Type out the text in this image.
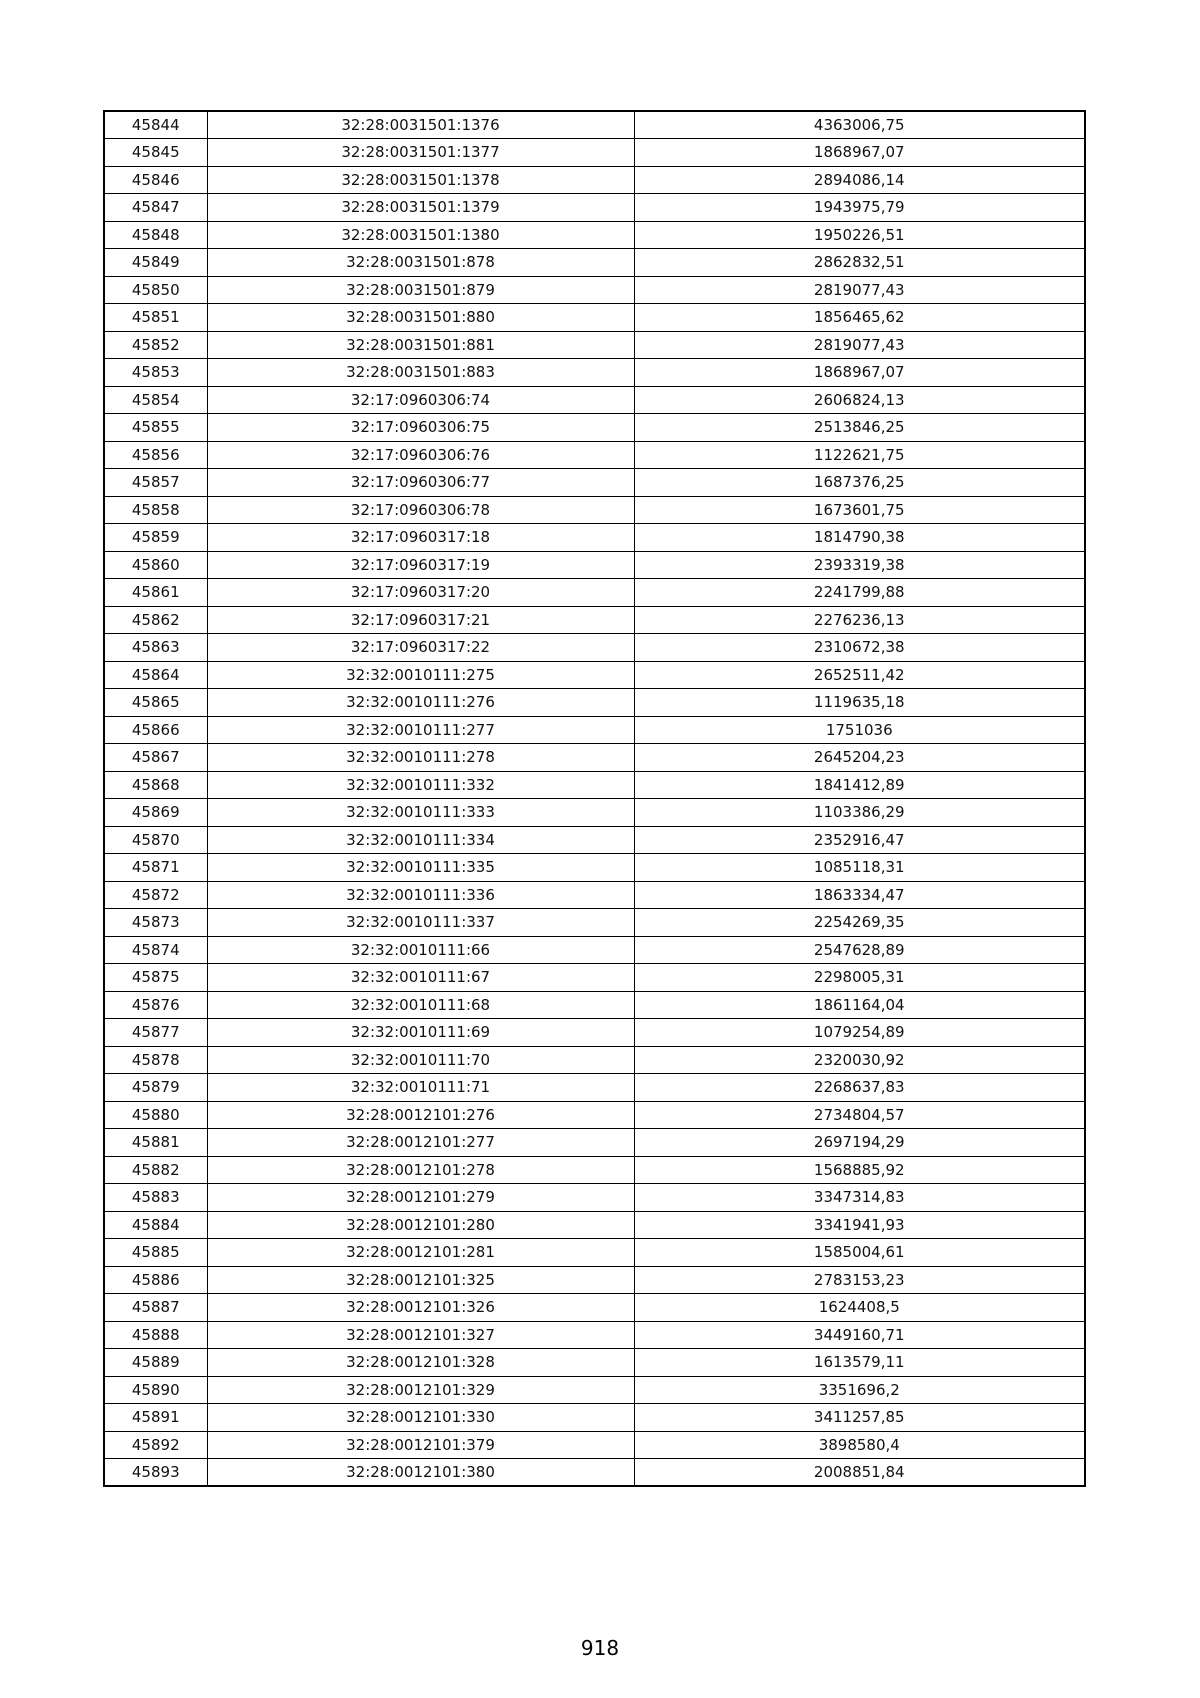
45844	32:28:0031501:1376	4363006,75
45845	32:28:0031501:1377	1868967,07
45846	32:28:0031501:1378	2894086,14
45847	32:28:0031501:1379	1943975,79
45848	32:28:0031501:1380	1950226,51
45849	32:28:0031501:878	2862832,51
45850	32:28:0031501:879	2819077,43
45851	32:28:0031501:880	1856465,62
45852	32:28:0031501:881	2819077,43
45853	32:28:0031501:883	1868967,07
45854	32:17:0960306:74	2606824,13
45855	32:17:0960306:75	2513846,25
45856	32:17:0960306:76	1122621,75
45857	32:17:0960306:77	1687376,25
45858	32:17:0960306:78	1673601,75
45859	32:17:0960317:18	1814790,38
45860	32:17:0960317:19	2393319,38
45861	32:17:0960317:20	2241799,88
45862	32:17:0960317:21	2276236,13
45863	32:17:0960317:22	2310672,38
45864	32:32:0010111:275	2652511,42
45865	32:32:0010111:276	1119635,18
45866	32:32:0010111:277	1751036
45867	32:32:0010111:278	2645204,23
45868	32:32:0010111:332	1841412,89
45869	32:32:0010111:333	1103386,29
45870	32:32:0010111:334	2352916,47
45871	32:32:0010111:335	1085118,31
45872	32:32:0010111:336	1863334,47
45873	32:32:0010111:337	2254269,35
45874	32:32:0010111:66	2547628,89
45875	32:32:0010111:67	2298005,31
45876	32:32:0010111:68	1861164,04
45877	32:32:0010111:69	1079254,89
45878	32:32:0010111:70	2320030,92
45879	32:32:0010111:71	2268637,83
45880	32:28:0012101:276	2734804,57
45881	32:28:0012101:277	2697194,29
45882	32:28:0012101:278	1568885,92
45883	32:28:0012101:279	3347314,83
45884	32:28:0012101:280	3341941,93
45885	32:28:0012101:281	1585004,61
45886	32:28:0012101:325	2783153,23
45887	32:28:0012101:326	1624408,5
45888	32:28:0012101:327	3449160,71
45889	32:28:0012101:328	1613579,11
45890	32:28:0012101:329	3351696,2
45891	32:28:0012101:330	3411257,85
45892	32:28:0012101:379	3898580,4
45893	32:28:0012101:380	2008851,84
918
